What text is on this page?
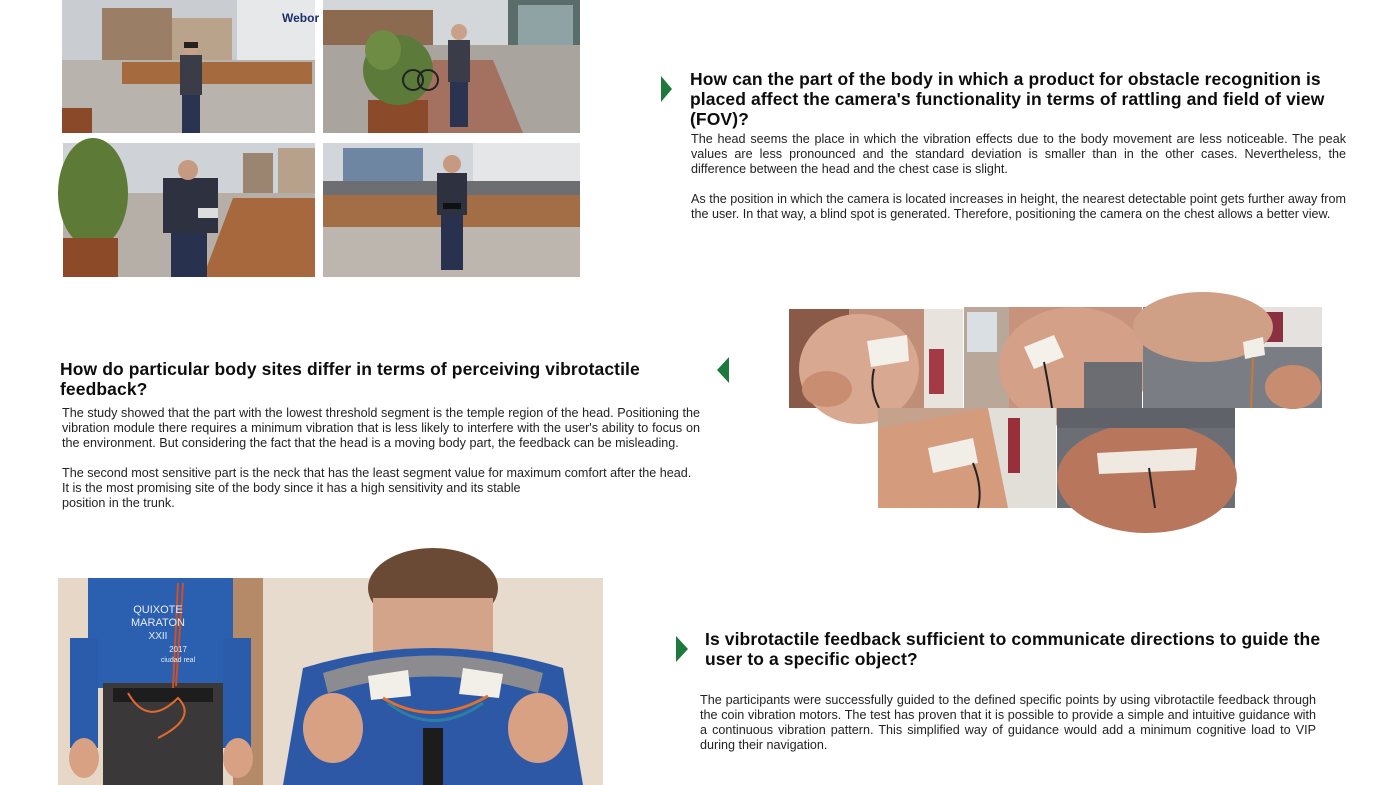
Webor
How can the part of the body in which a product for obstacle recognition is placed affect the camera's functionality in terms of rattling and field of view (FOV)?

The head seems the place in which the vibration effects due to the body movement are less noticeable. The peak values are less pronounced and the standard deviation is smaller than in the other cases. Nevertheless, the difference between the head and the chest case is slight.

As the position in which the camera is located increases in height, the nearest detectable point gets further away from the user. In that way, a blind spot is generated. Therefore, positioning the camera on the chest allows a better view.

How do particular body sites differ in terms of perceiving vibrotactile feedback?

The study showed that the part with the lowest threshold segment is the temple region of the head. Positioning the vibration module there requires a minimum vibration that is less likely to interfere with the user's ability to focus on the environment. But considering the fact that the head is a moving body part, the feedback can be misleading.

The second most sensitive part is the neck that has the least segment value for maximum comfort after the head. It is the most promising site of the body since it has a high sensitivity and its stable

position in the trunk.

QUIXOTE
MARATON
XXII
2017
ciudad real
Is vibrotactile feedback sufficient to communicate directions to guide the user to a specific object?

The participants were successfully guided to the defined specific points by using vibrotactile feedback through the coin vibration motors. The test has proven that it is possible to provide a simple and intuitive guidance with a continuous vibration pattern. This simplified way of guidance would add a minimum cognitive load to VIP during their navigation.
